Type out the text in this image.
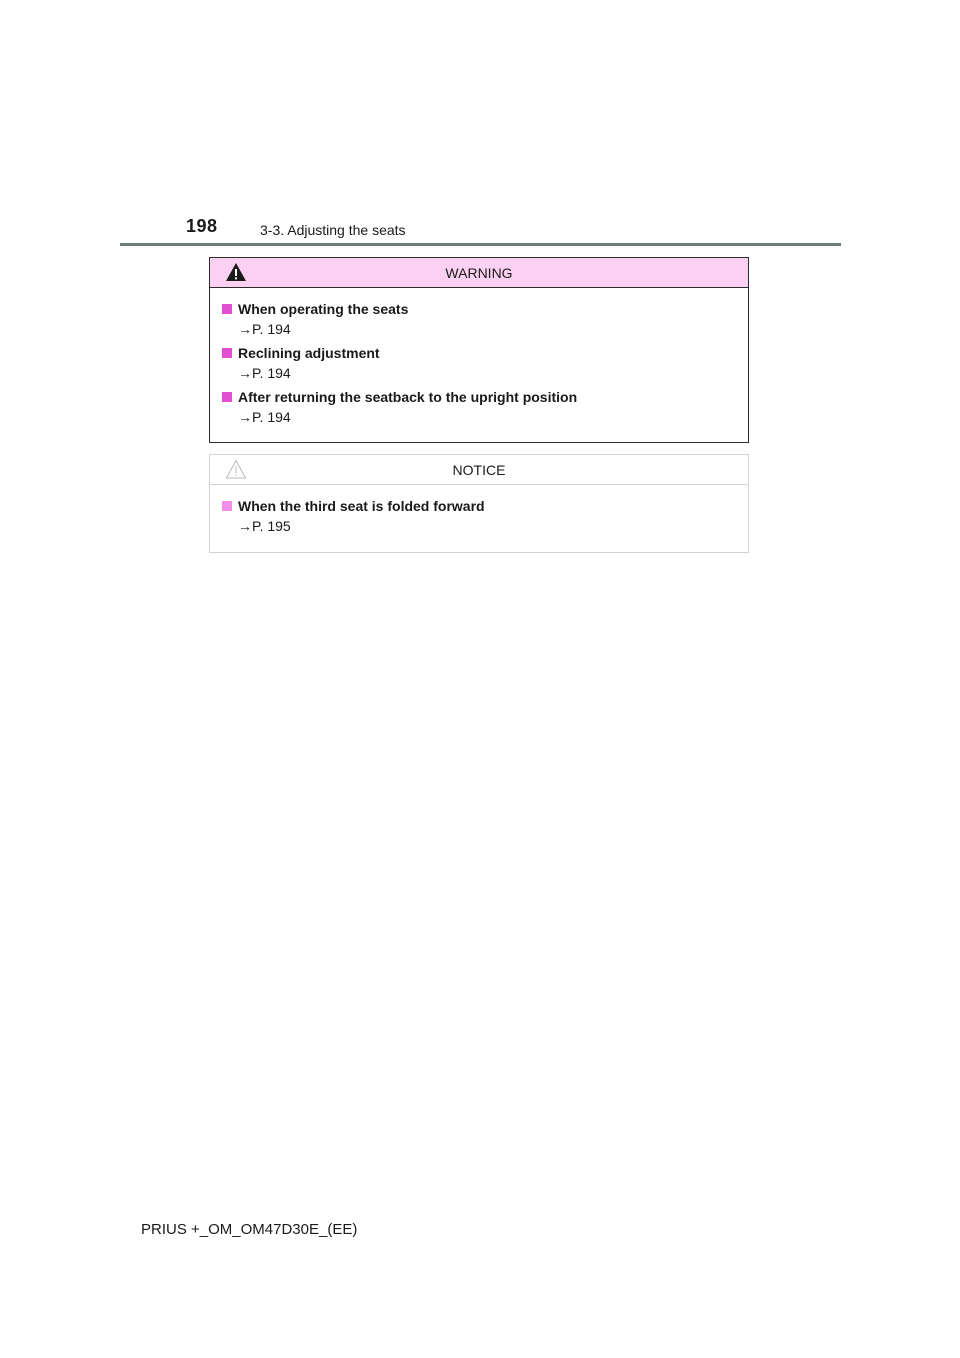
198	3-3. Adjusting the seats
WARNING
When operating the seats
→P. 194
Reclining adjustment
→P. 194
After returning the seatback to the upright position
→P. 194
NOTICE
When the third seat is folded forward
→P. 195
PRIUS +_OM_OM47D30E_(EE)
